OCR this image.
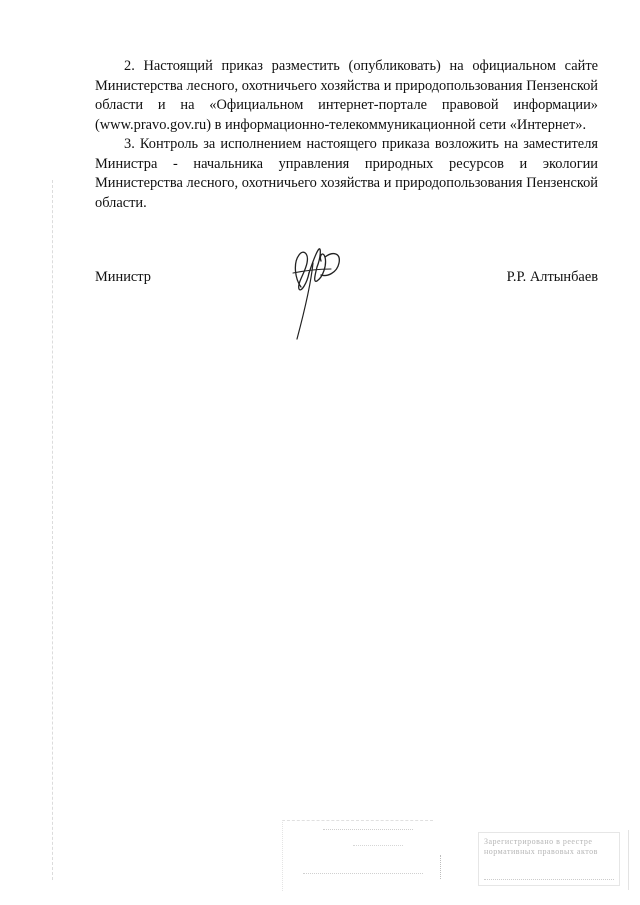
2. Настоящий приказ разместить (опубликовать) на официальном сайте Министерства лесного, охотничьего хозяйства и природопользования Пензенской области и на «Официальном интернет-портале правовой информации» (www.pravo.gov.ru) в информационно-телекоммуникационной сети «Интернет».

3. Контроль за исполнением настоящего приказа возложить на заместителя Министра - начальника управления природных ресурсов и экологии Министерства лесного, охотничьего хозяйства и природопользования Пензенской области.

Министр	Р.Р. Алтынбаев
Зарегистрировано в реестре нормативных правовых актов
